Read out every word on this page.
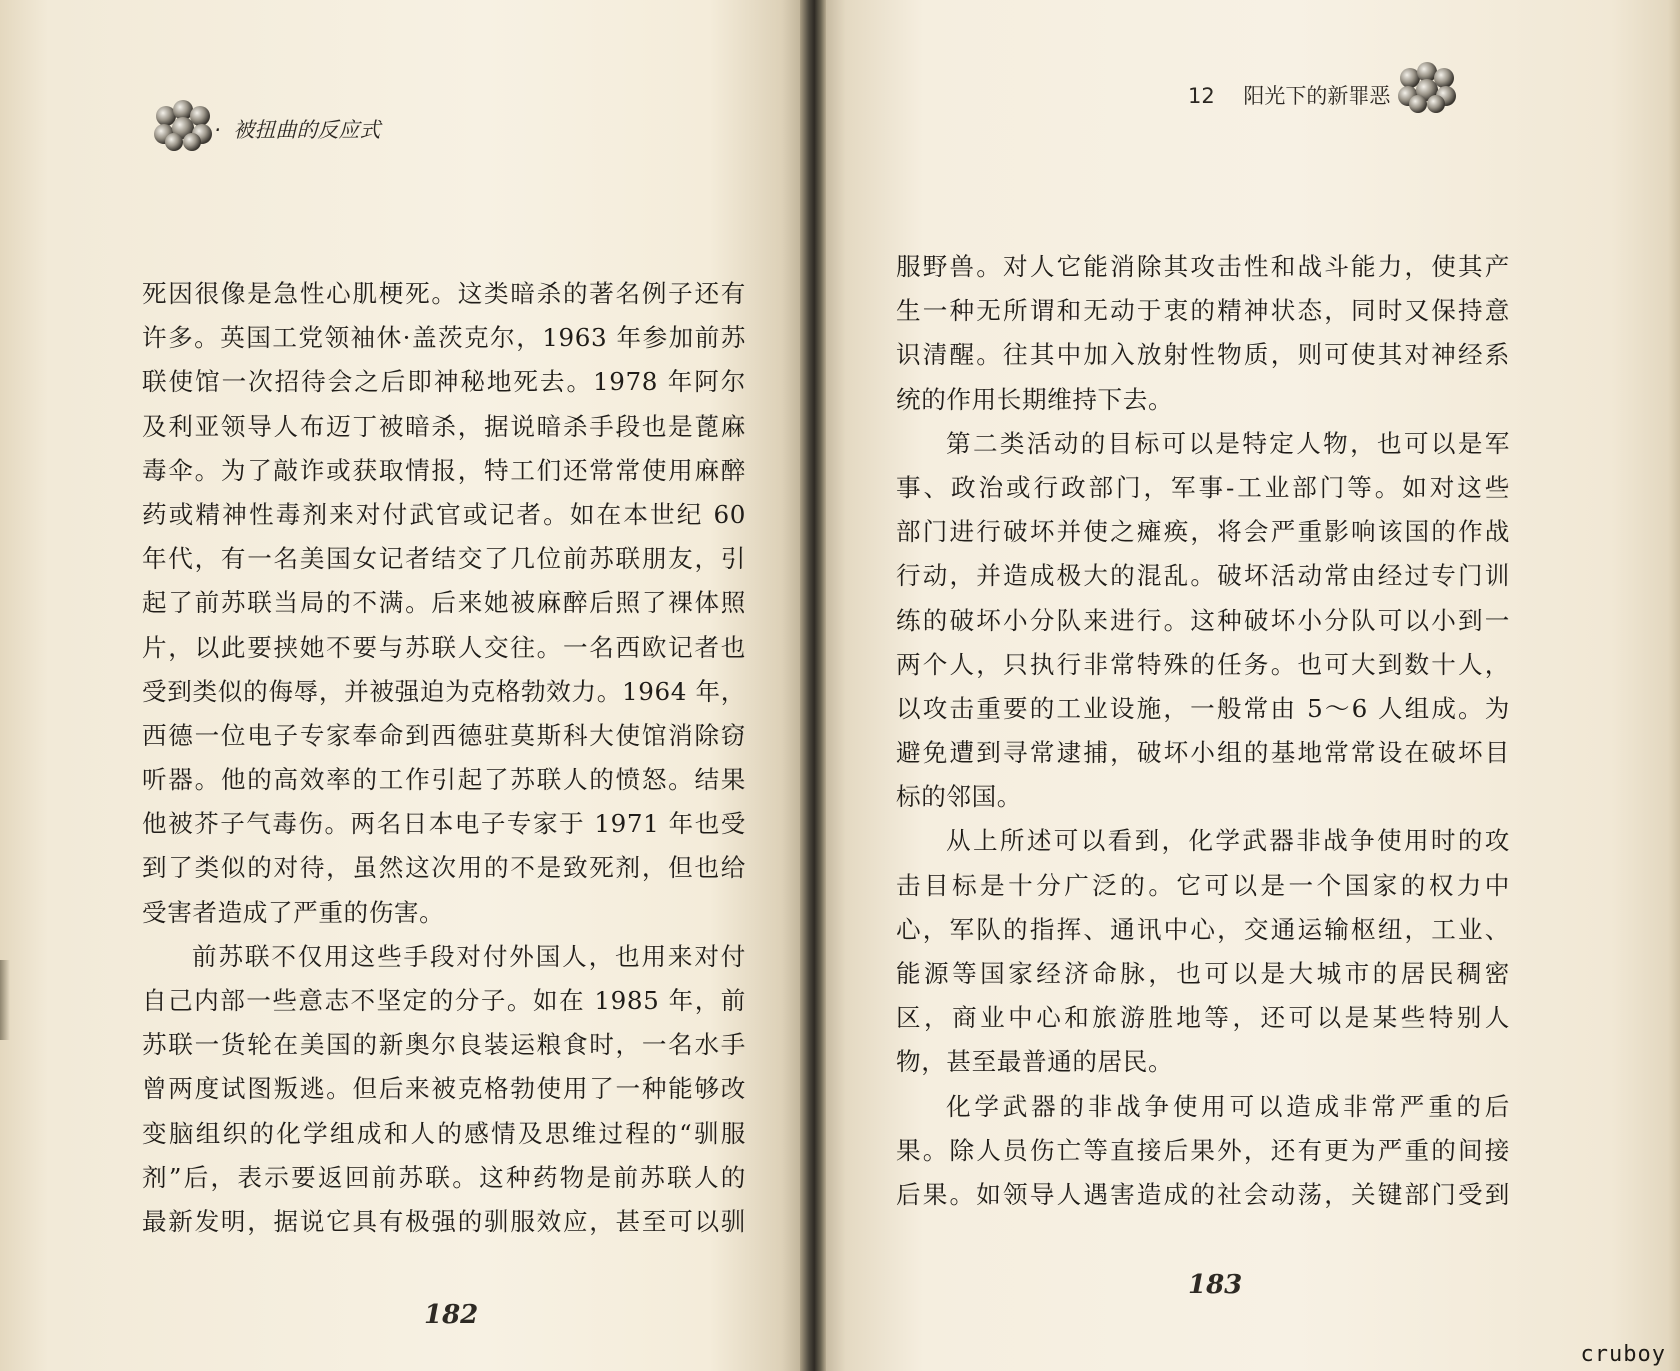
· 被扭曲的反应式
12 阳光下的新罪恶
死因很像是急性心肌梗死。这类暗杀的著名例子还有
许多。英国工党领袖休·盖茨克尔，1963 年参加前苏
联使馆一次招待会之后即神秘地死去。1978 年阿尔
及利亚领导人布迈丁被暗杀，据说暗杀手段也是蓖麻
毒伞。为了敲诈或获取情报，特工们还常常使用麻醉
药或精神性毒剂来对付武官或记者。如在本世纪 60
年代，有一名美国女记者结交了几位前苏联朋友，引
起了前苏联当局的不满。后来她被麻醉后照了裸体照
片，以此要挟她不要与苏联人交往。一名西欧记者也
受到类似的侮辱，并被强迫为克格勃效力。1964 年，
西德一位电子专家奉命到西德驻莫斯科大使馆消除窃
听器。他的高效率的工作引起了苏联人的愤怒。结果
他被芥子气毒伤。两名日本电子专家于 1971 年也受
到了类似的对待，虽然这次用的不是致死剂，但也给
受害者造成了严重的伤害。
前苏联不仅用这些手段对付外国人，也用来对付
自己内部一些意志不坚定的分子。如在 1985 年，前
苏联一货轮在美国的新奥尔良装运粮食时，一名水手
曾两度试图叛逃。但后来被克格勃使用了一种能够改
变脑组织的化学组成和人的感情及思维过程的“驯服
剂”后，表示要返回前苏联。这种药物是前苏联人的
最新发明，据说它具有极强的驯服效应，甚至可以驯
服野兽。对人它能消除其攻击性和战斗能力，使其产
生一种无所谓和无动于衷的精神状态，同时又保持意
识清醒。往其中加入放射性物质，则可使其对神经系
统的作用长期维持下去。
第二类活动的目标可以是特定人物，也可以是军
事、政治或行政部门，军事-工业部门等。如对这些
部门进行破坏并使之瘫痪，将会严重影响该国的作战
行动，并造成极大的混乱。破坏活动常由经过专门训
练的破坏小分队来进行。这种破坏小分队可以小到一
两个人，只执行非常特殊的任务。也可大到数十人，
以攻击重要的工业设施，一般常由 5～6 人组成。为
避免遭到寻常逮捕，破坏小组的基地常常设在破坏目
标的邻国。
从上所述可以看到，化学武器非战争使用时的攻
击目标是十分广泛的。它可以是一个国家的权力中
心，军队的指挥、通讯中心，交通运输枢纽，工业、
能源等国家经济命脉，也可以是大城市的居民稠密
区，商业中心和旅游胜地等，还可以是某些特别人
物，甚至最普通的居民。
化学武器的非战争使用可以造成非常严重的后
果。除人员伤亡等直接后果外，还有更为严重的间接
后果。如领导人遇害造成的社会动荡，关键部门受到
182
183
cruboy
